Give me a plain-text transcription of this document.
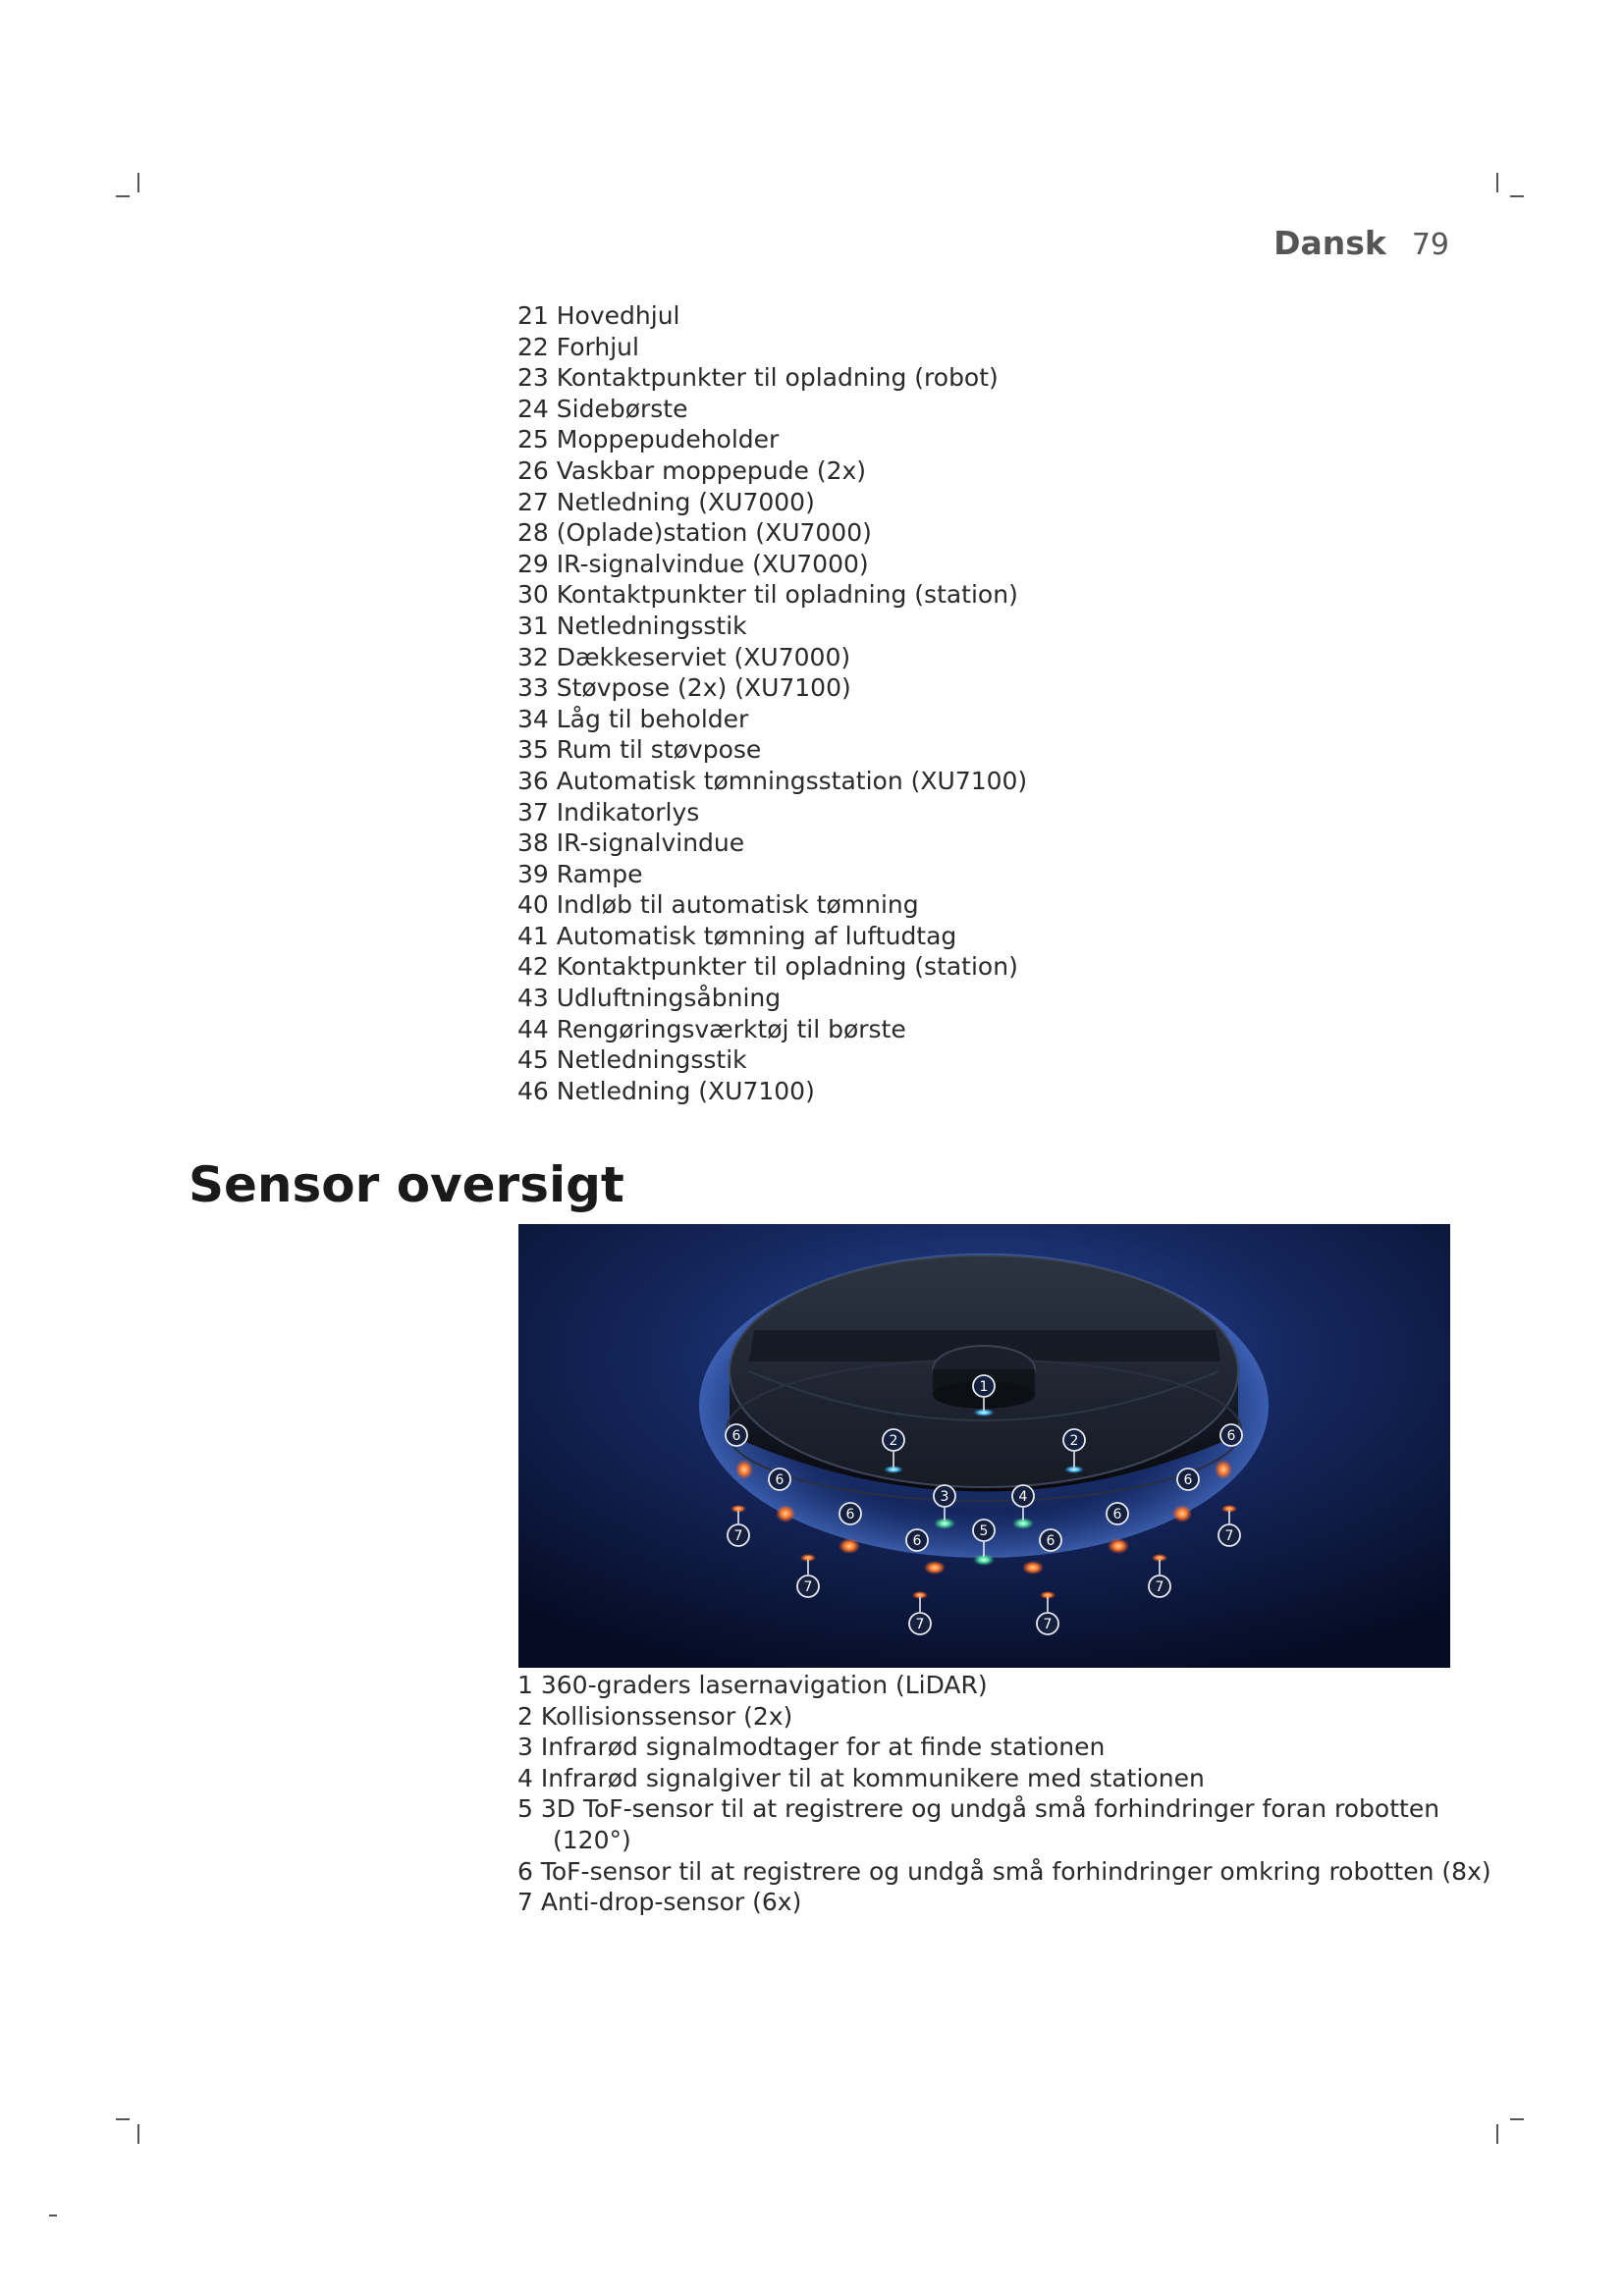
Dansk 79
21 Hovedhjul
22 Forhjul
23 Kontaktpunkter til opladning (robot)
24 Sidebørste
25 Moppepudeholder
26 Vaskbar moppepude (2x)
27 Netledning (XU7000)
28 (Oplade)station (XU7000)
29 IR-signalvindue (XU7000)
30 Kontaktpunkter til opladning (station)
31 Netledningsstik
32 Dækkeserviet (XU7000)
33 Støvpose (2x) (XU7100)
34 Låg til beholder
35 Rum til støvpose
36 Automatisk tømningsstation (XU7100)
37 Indikatorlys
38 IR-signalvindue
39 Rampe
40 Indløb til automatisk tømning
41 Automatisk tømning af luftudtag
42 Kontaktpunkter til opladning (station)
43 Udluftningsåbning
44 Rengøringsværktøj til børste
45 Netledningsstik
46 Netledning (XU7100)
Sensor oversigt
1
2	2
3	4
5
6
6
6
6	6
6
6
6
7
7
7	7
7
7
1 360-graders lasernavigation (LiDAR)
2 Kollisionssensor (2x)
3 Infrarød signalmodtager for at finde stationen
4 Infrarød signalgiver til at kommunikere med stationen
5 3D ToF-sensor til at registrere og undgå små forhindringer foran robotten
(120°)
6 ToF-sensor til at registrere og undgå små forhindringer omkring robotten (8x)
7 Anti-drop-sensor (6x)
